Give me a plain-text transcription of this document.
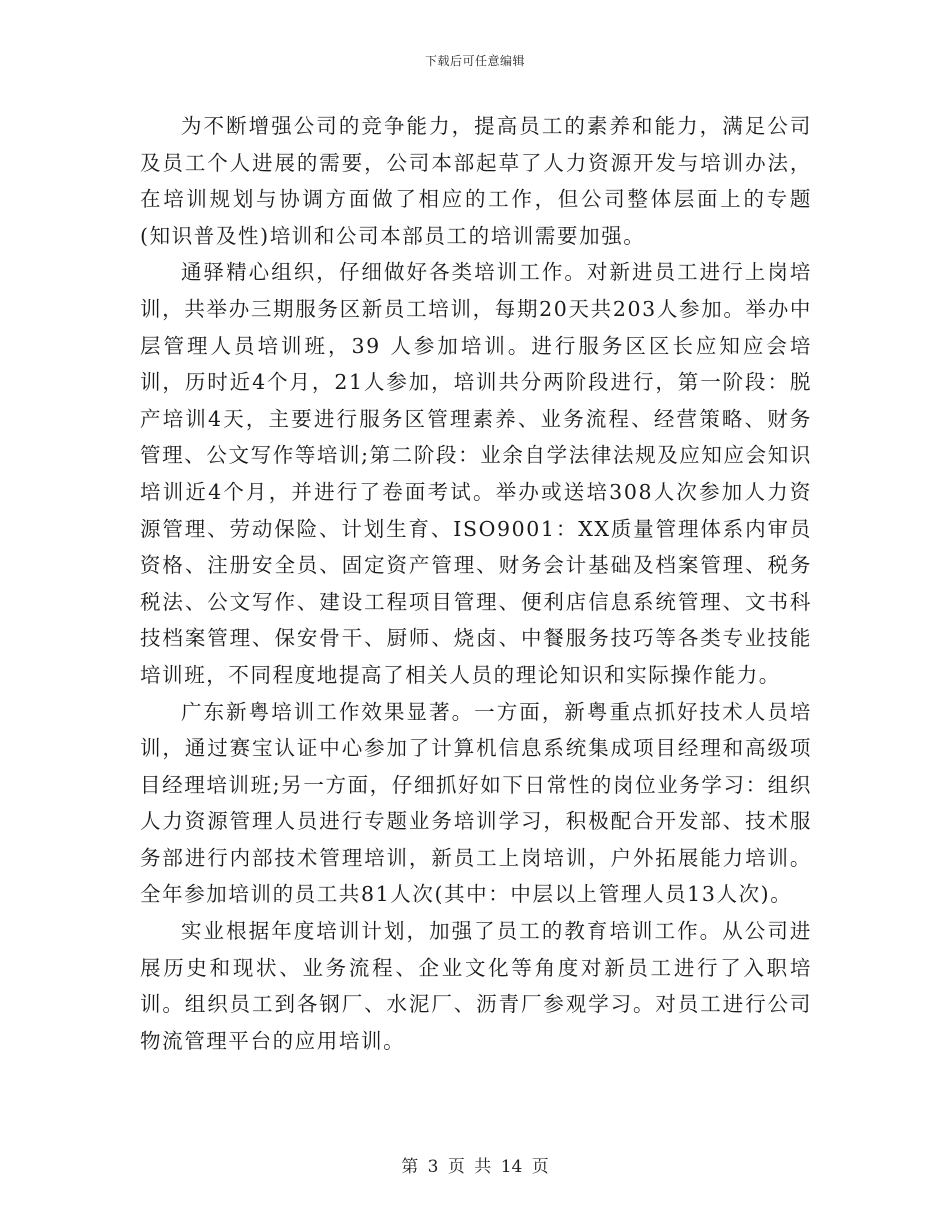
下载后可任意编辑

为不断增强公司的竞争能力，提高员工的素养和能力，满足公司及员工个人进展的需要，公司本部起草了人力资源开发与培训办法，在培训规划与协调方面做了相应的工作，但公司整体层面上的专题(知识普及性)培训和公司本部员工的培训需要加强。

通驿精心组织，仔细做好各类培训工作。对新进员工进行上岗培训，共举办三期服务区新员工培训，每期20天共203人参加。举办中层管理人员培训班，39 人参加培训。进行服务区区长应知应会培训，历时近4个月，21人参加，培训共分两阶段进行，第一阶段：脱产培训4天，主要进行服务区管理素养、业务流程、经营策略、财务管理、公文写作等培训;第二阶段：业余自学法律法规及应知应会知识培训近4个月，并进行了卷面考试。举办或送培308人次参加人力资源管理、劳动保险、计划生育、ISO9001：XX质量管理体系内审员资格、注册安全员、固定资产管理、财务会计基础及档案管理、税务税法、公文写作、建设工程项目管理、便利店信息系统管理、文书科技档案管理、保安骨干、厨师、烧卤、中餐服务技巧等各类专业技能培训班，不同程度地提高了相关人员的理论知识和实际操作能力。

广东新粤培训工作效果显著。一方面，新粤重点抓好技术人员培训，通过赛宝认证中心参加了计算机信息系统集成项目经理和高级项目经理培训班;另一方面，仔细抓好如下日常性的岗位业务学习：组织人力资源管理人员进行专题业务培训学习，积极配合开发部、技术服务部进行内部技术管理培训，新员工上岗培训，户外拓展能力培训。全年参加培训的员工共81人次(其中：中层以上管理人员13人次)。

实业根据年度培训计划，加强了员工的教育培训工作。从公司进展历史和现状、业务流程、企业文化等角度对新员工进行了入职培训。组织员工到各钢厂、水泥厂、沥青厂参观学习。对员工进行公司物流管理平台的应用培训。

第 3 页 共 14 页
